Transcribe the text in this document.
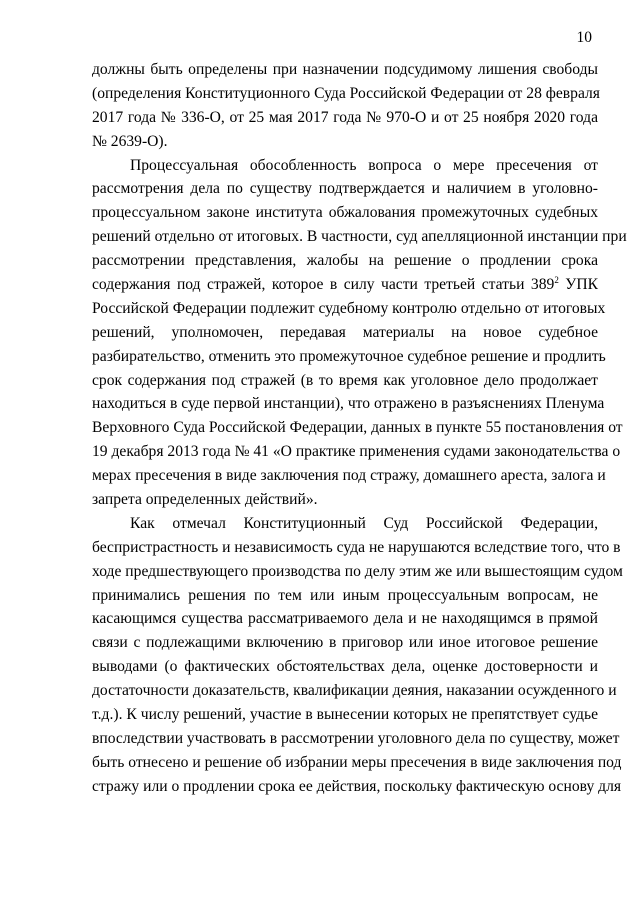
10
должны быть определены при назначении подсудимому лишения свободы
(определения Конституционного Суда Российской Федерации от 28 февраля
2017 года № 336-О, от 25 мая 2017 года № 970-О и от 25 ноября 2020 года
№ 2639-О).
Процессуальная обособленность вопроса о мере пресечения от
рассмотрения дела по существу подтверждается и наличием в уголовно-
процессуальном законе института обжалования промежуточных судебных
решений отдельно от итоговых. В частности, суд апелляционной инстанции при
рассмотрении представления, жалобы на решение о продлении срока
содержания под стражей, которое в силу части третьей статьи $389^2$ УПК
Российской Федерации подлежит судебному контролю отдельно от итоговых
решений, уполномочен, передавая материалы на новое судебное
разбирательство, отменить это промежуточное судебное решение и продлить
срок содержания под стражей (в то время как уголовное дело продолжает
находиться в суде первой инстанции), что отражено в разъяснениях Пленума
Верховного Суда Российской Федерации, данных в пункте 55 постановления от
19 декабря 2013 года № 41 «О практике применения судами законодательства о
мерах пресечения в виде заключения под стражу, домашнего ареста, залога и
запрета определенных действий».
Как отмечал Конституционный Суд Российской Федерации,
беспристрастность и независимость суда не нарушаются вследствие того, что в
ходе предшествующего производства по делу этим же или вышестоящим судом
принимались решения по тем или иным процессуальным вопросам, не
касающимся существа рассматриваемого дела и не находящимся в прямой
связи с подлежащими включению в приговор или иное итоговое решение
выводами (о фактических обстоятельствах дела, оценке достоверности и
достаточности доказательств, квалификации деяния, наказании осужденного и
т.д.). К числу решений, участие в вынесении которых не препятствует судье
впоследствии участвовать в рассмотрении уголовного дела по существу, может
быть отнесено и решение об избрании меры пресечения в виде заключения под
стражу или о продлении срока ее действия, поскольку фактическую основу для
